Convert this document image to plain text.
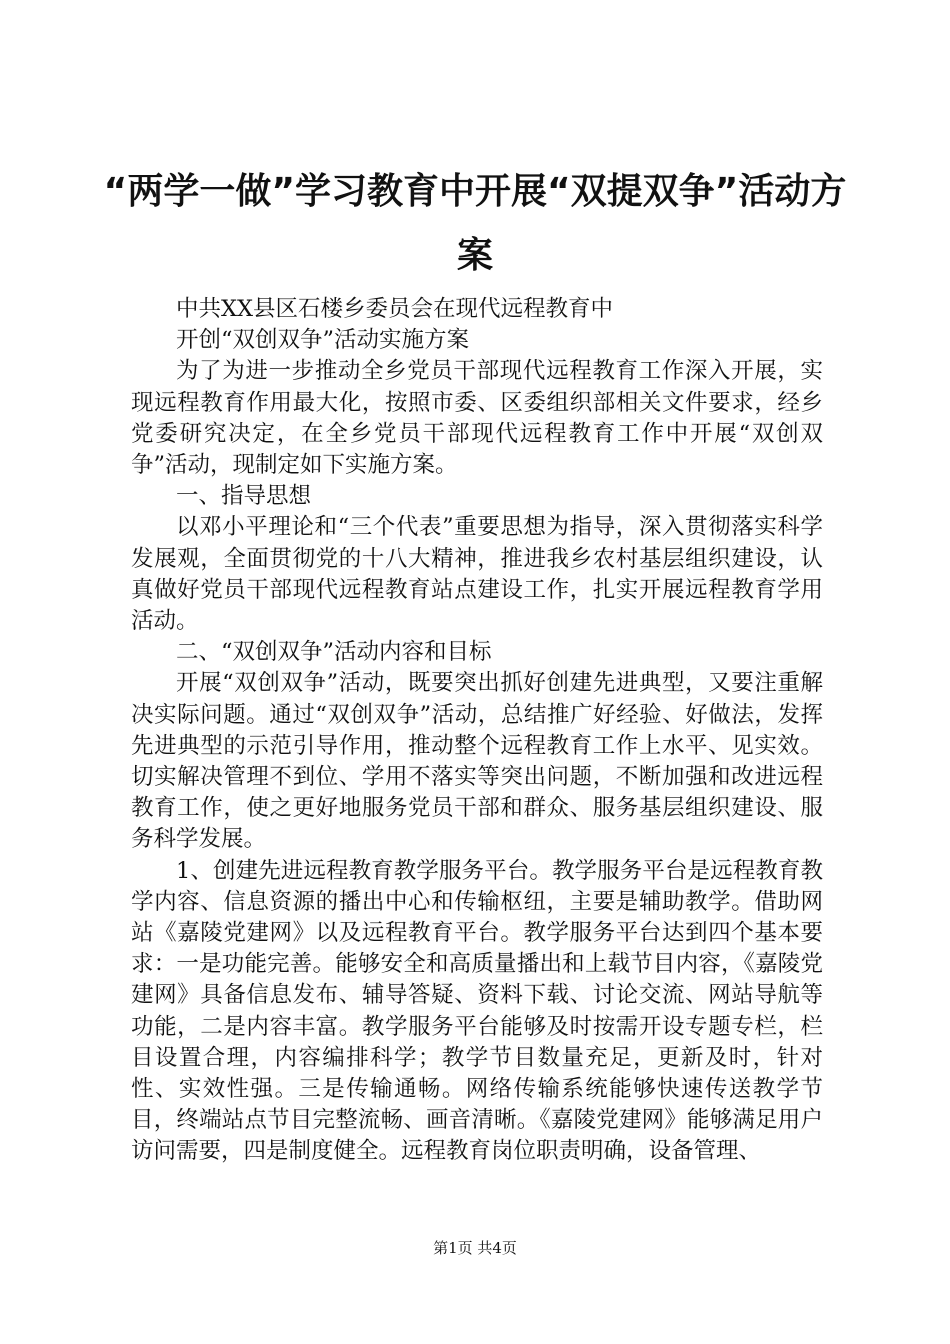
“两学一做”学习教育中开展“双提双争”活动方案

中共XX县区石楼乡委员会在现代远程教育中

开创“双创双争”活动实施方案

为了为进一步推动全乡党员干部现代远程教育工作深入开展，实现远程教育作用最大化，按照市委、区委组织部相关文件要求，经乡党委研究决定，在全乡党员干部现代远程教育工作中开展“双创双争”活动，现制定如下实施方案。

一、指导思想

以邓小平理论和“三个代表”重要思想为指导，深入贯彻落实科学发展观，全面贯彻党的十八大精神，推进我乡农村基层组织建设，认真做好党员干部现代远程教育站点建设工作，扎实开展远程教育学用活动。

二、“双创双争”活动内容和目标

开展“双创双争”活动，既要突出抓好创建先进典型，又要注重解决实际问题。通过“双创双争”活动，总结推广好经验、好做法，发挥先进典型的示范引导作用，推动整个远程教育工作上水平、见实效。切实解决管理不到位、学用不落实等突出问题，不断加强和改进远程教育工作，使之更好地服务党员干部和群众、服务基层组织建设、服务科学发展。

1、创建先进远程教育教学服务平台。教学服务平台是远程教育教学内容、信息资源的播出中心和传输枢纽，主要是辅助教学。借助网站《嘉陵党建网》以及远程教育平台。教学服务平台达到四个基本要求：一是功能完善。能够安全和高质量播出和上载节目内容，《嘉陵党建网》具备信息发布、辅导答疑、资料下载、讨论交流、网站导航等功能，二是内容丰富。教学服务平台能够及时按需开设专题专栏，栏目设置合理，内容编排科学；教学节目数量充足，更新及时，针对性、实效性强。三是传输通畅。网络传输系统能够快速传送教学节目，终端站点节目完整流畅、画音清晰。《嘉陵党建网》能够满足用户访问需要，四是制度健全。远程教育岗位职责明确，设备管理、

第1页 共4页
